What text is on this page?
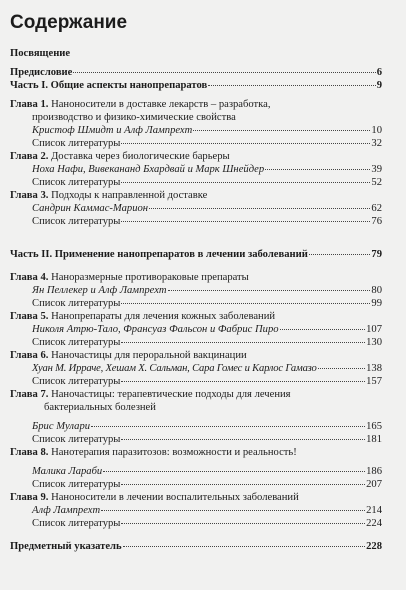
Содержание
Посвящение
Предисловие	6
Часть I. Общие аспекты нанопрепаратов	9
Глава 1. Наноносители в доставке лекарств – разработка,
производство и физико-химические свойства
Кристоф Шмидт и Алф Лампрехт	10
Список литературы	32
Глава 2. Доставка через биологические барьеры
Ноха Нафи, Вивекананд Бхардвай и Марк Шнейдер	39
Список литературы	52
Глава 3. Подходы к направленной доставке
Сандрин Каммас-Марион	62
Список литературы	76
Часть II. Применение нанопрепаратов в лечении заболеваний	79
Глава 4. Наноразмерные противораковые препараты
Ян Пеллекер и Алф Лампрехт	80
Список литературы	99
Глава 5. Нанопрепараты для лечения кожных заболеваний
Николя Атрю-Тало, Франсуаз Фальсон и Фабрис Пиро	107
Список литературы	130
Глава 6. Наночастицы для пероральной вакцинации
Хуан М. Ирраче, Хешам Х. Сальман, Сара Гомес и Карлос Гамазо	138
Список литературы	157
Глава 7. Наночастицы: терапевтические подходы для лечения
бактериальных болезней
Брис Мулари	165
Список литературы	181
Глава 8. Нанотерапия паразитозов: возможности и реальность!
Малика Лараби	186
Список литературы	207
Глава 9. Наноносители в лечении воспалительных заболеваний
Алф Лампрехт	214
Список литературы	224
Предметный указатель	228
